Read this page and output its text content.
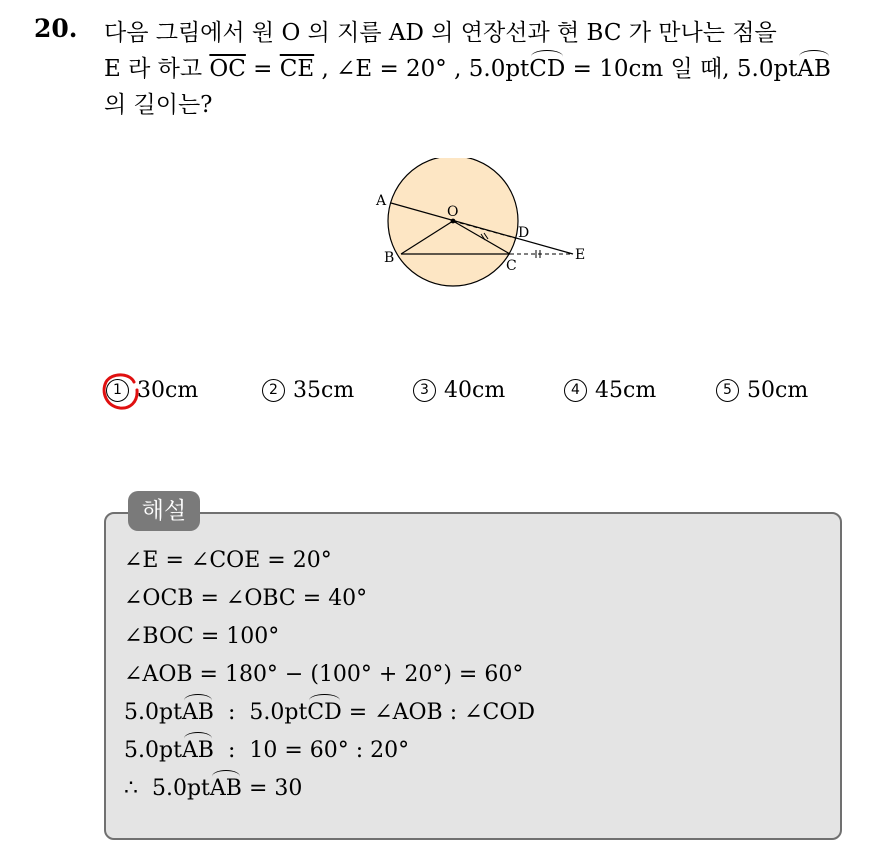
20. 다음 그림에서 원 O 의 지름 AD 의 연장선과 현 BC 가 만나는 점을
E 라 하고 $\overline{OC} = \overline{CE}$ , ∠E = 20° , 5.0ptCD = 10cm 일 때, 5.0ptAB
의 길이는?
A
O
D
B	C
E
1 30cm	2 35cm	3 40cm	4 45cm	5 50cm
해설
∠E = ∠COE = 20°
∠OCB = ∠OBC = 40°
∠BOC = 100°
∠AOB = 180° − (100° + 20°) = 60°
5.0ptAB  :  5.0ptCD = ∠AOB : ∠COD
5.0ptAB  :  10 = 60° : 20°
∴  5.0ptAB = 30
